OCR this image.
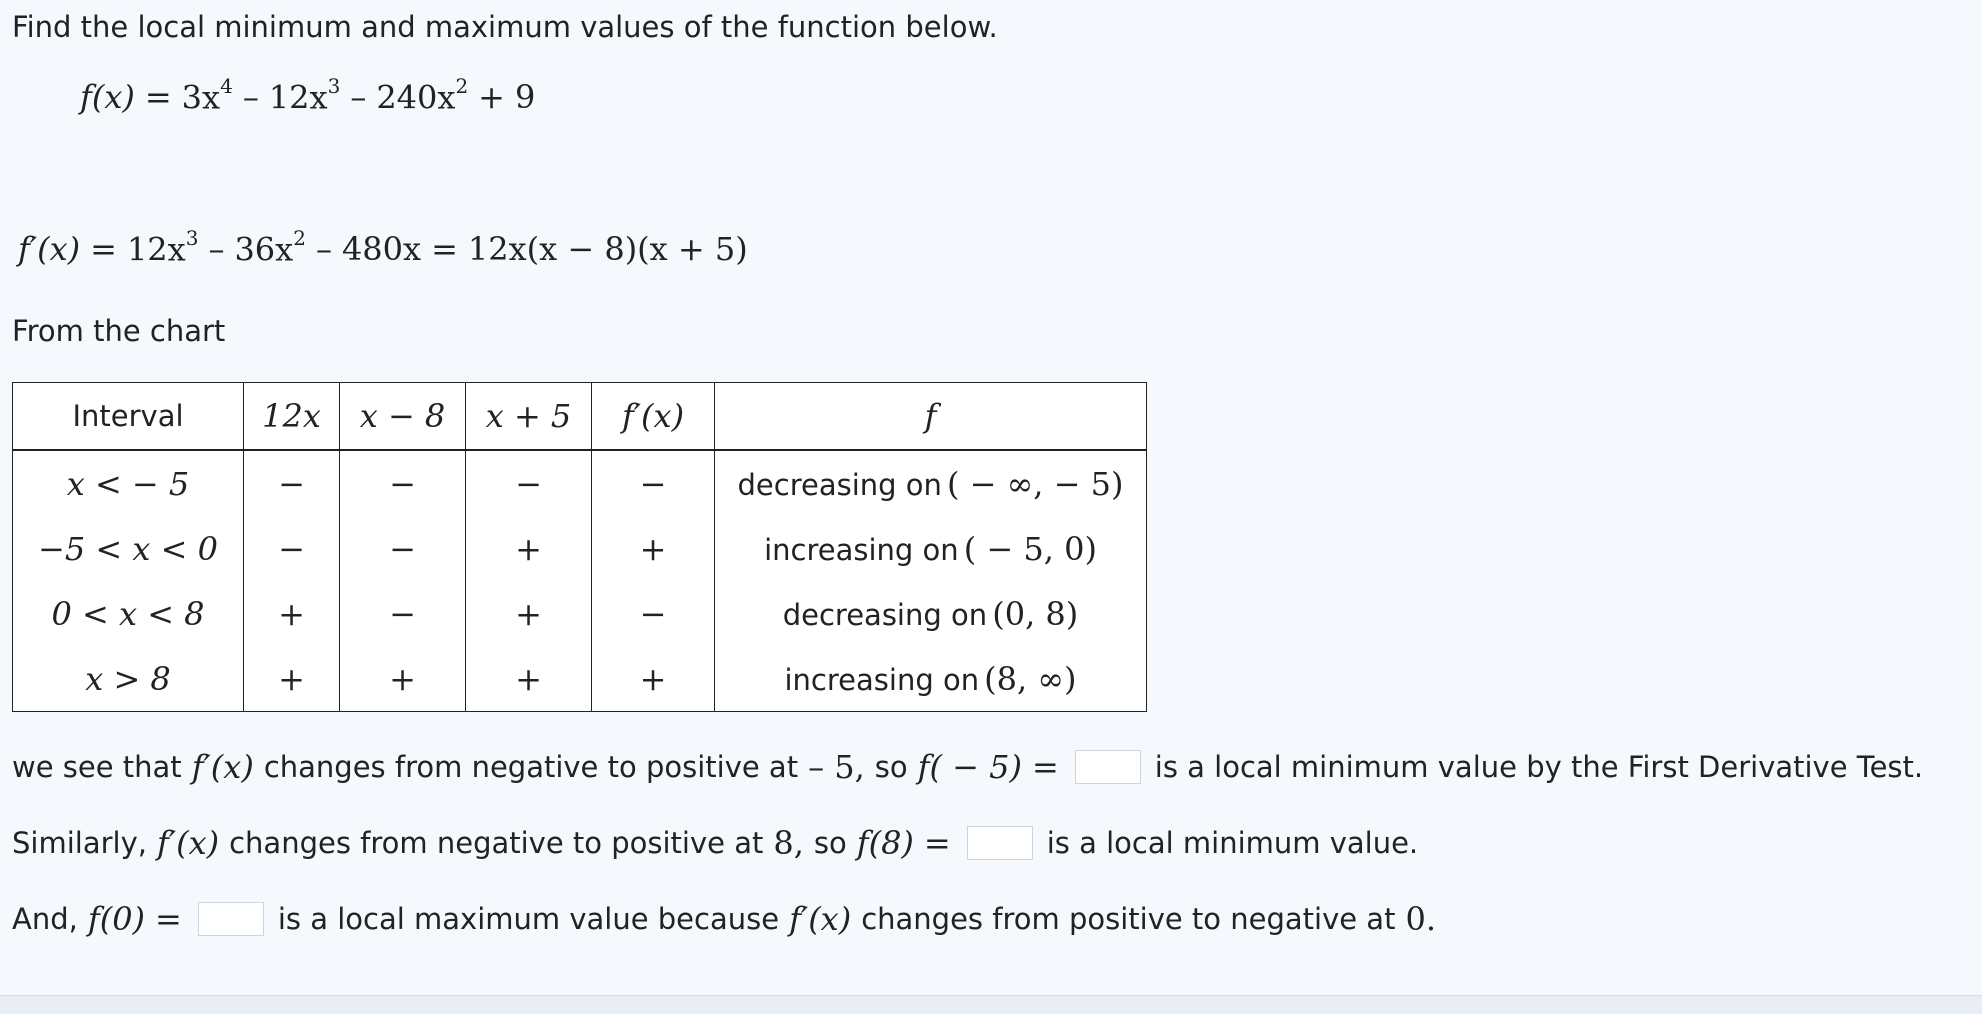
Find the local minimum and maximum values of the function below.
$f(x) = 3x^4 - 12x^3 - 240x^2 + 9$
$f'(x) = 12x^3 - 36x^2 - 480x = 12x(x - 8)(x + 5)$
From the chart
Interval	12x	x − 8	x + 5	f′(x)	f
x < − 5	−	−	−	−	decreasing on ( − ∞, − 5)
−5 < x < 0	−	−	+	+	increasing on ( − 5, 0)
0 < x < 8	+	−	+	−	decreasing on (0, 8)
x > 8	+	+	+	+	increasing on (8, ∞)
we see that f′(x) changes from negative to positive at – 5, so f( − 5) =	is a local minimum value by the First Derivative Test.
Similarly, f′(x) changes from negative to positive at 8, so f(8) =	is a local minimum value.
And, f(0) =	is a local maximum value because f′(x) changes from positive to negative at 0.
